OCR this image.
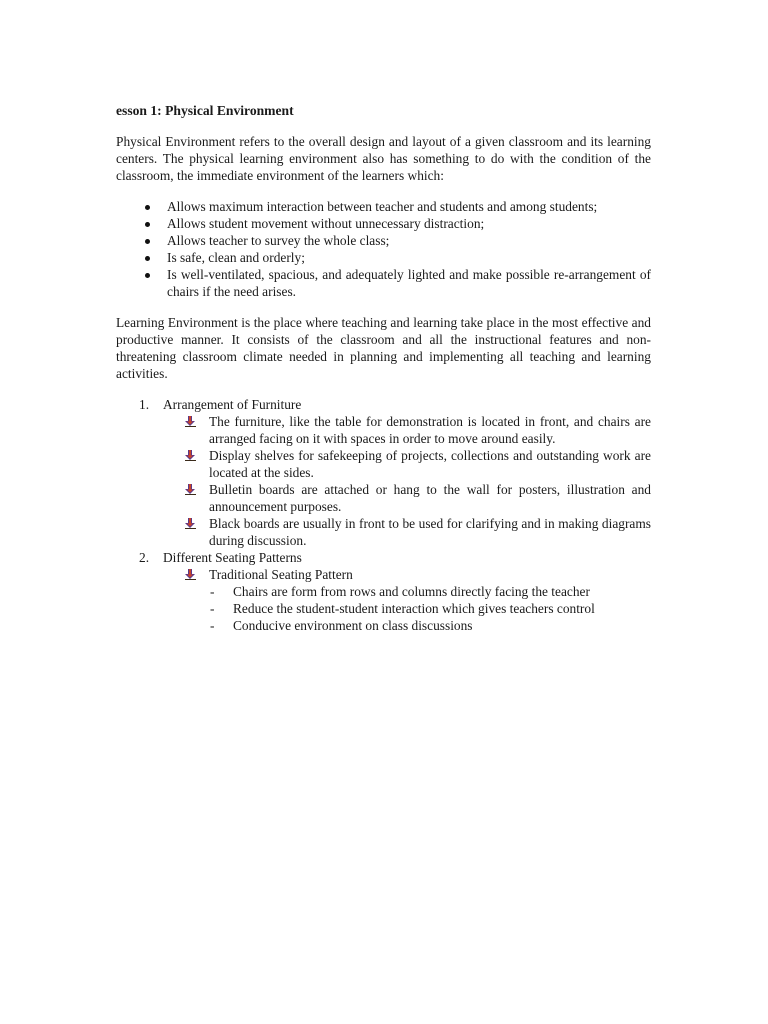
esson 1: Physical Environment
Physical Environment refers to the overall design and layout of a given classroom and its learning centers. The physical learning environment also has something to do with the condition of the classroom, the immediate environment of the learners which:
Allows maximum interaction between teacher and students and among students;
Allows student movement without unnecessary distraction;
Allows teacher to survey the whole class;
Is safe, clean and orderly;
Is well-ventilated, spacious, and adequately lighted and make possible re-arrangement of chairs if the need arises.
Learning Environment is the place where teaching and learning take place in the most effective and productive manner. It consists of the classroom and all the instructional features and non-threatening classroom climate needed in planning and implementing all teaching and learning activities.
1. Arrangement of Furniture
The furniture, like the table for demonstration is located in front, and chairs are arranged facing on it with spaces in order to move around easily.
Display shelves for safekeeping of projects, collections and outstanding work are located at the sides.
Bulletin boards are attached or hang to the wall for posters, illustration and announcement purposes.
Black boards are usually in front to be used for clarifying and in making diagrams during discussion.
2. Different Seating Patterns
Traditional Seating Pattern
- Chairs are form from rows and columns directly facing the teacher
- Reduce the student-student interaction which gives teachers control
- Conducive environment on class discussions
